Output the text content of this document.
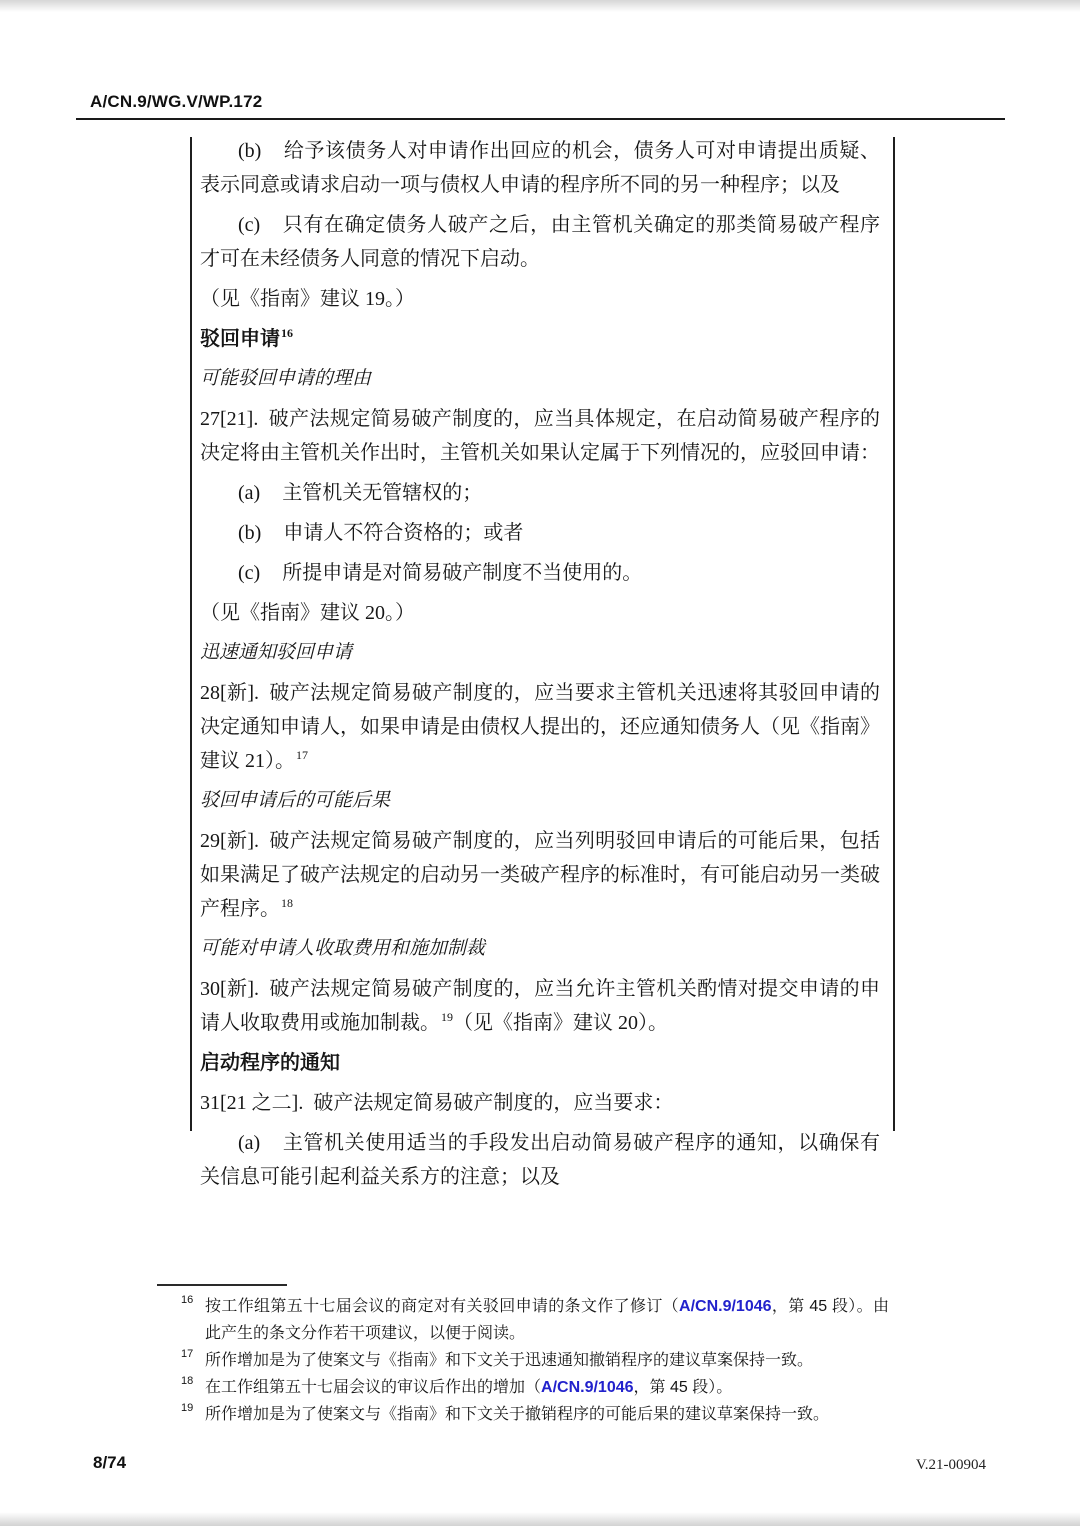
A/CN.9/WG.V/WP.172

(b) 给予该债务人对申请作出回应的机会，债务人可对申请提出质疑、表示同意或请求启动一项与债权人申请的程序所不同的另一种程序；以及

(c) 只有在确定债务人破产之后，由主管机关确定的那类简易破产程序才可在未经债务人同意的情况下启动。

（见《指南》建议 19。）

驳回申请$^{16}$

可能驳回申请的理由

27[21]. 破产法规定简易破产制度的，应当具体规定，在启动简易破产程序的决定将由主管机关作出时，主管机关如果认定属于下列情况的，应驳回申请：

(a) 主管机关无管辖权的；

(b) 申请人不符合资格的；或者

(c) 所提申请是对简易破产制度不当使用的。

（见《指南》建议 20。）

迅速通知驳回申请

28[新]. 破产法规定简易破产制度的，应当要求主管机关迅速将其驳回申请的决定通知申请人，如果申请是由债权人提出的，还应通知债务人（见《指南》建议 21）。$^{17}$

驳回申请后的可能后果

29[新]. 破产法规定简易破产制度的，应当列明驳回申请后的可能后果，包括如果满足了破产法规定的启动另一类破产程序的标准时，有可能启动另一类破产程序。$^{18}$

可能对申请人收取费用和施加制裁

30[新]. 破产法规定简易破产制度的，应当允许主管机关酌情对提交申请的申请人收取费用或施加制裁。$^{19}$（见《指南》建议 20）。

启动程序的通知

31[21 之二]. 破产法规定简易破产制度的，应当要求：

(a) 主管机关使用适当的手段发出启动简易破产程序的通知，以确保有关信息可能引起利益关系方的注意；以及

16 按工作组第五十七届会议的商定对有关驳回申请的条文作了修订（A/CN.9/1046，第 45 段）。由此产生的条文分作若干项建议，以便于阅读。

17 所作增加是为了使案文与《指南》和下文关于迅速通知撤销程序的建议草案保持一致。

18 在工作组第五十七届会议的审议后作出的增加（A/CN.9/1046，第 45 段）。

19 所作增加是为了使案文与《指南》和下文关于撤销程序的可能后果的建议草案保持一致。

8/74	V.21-00904
